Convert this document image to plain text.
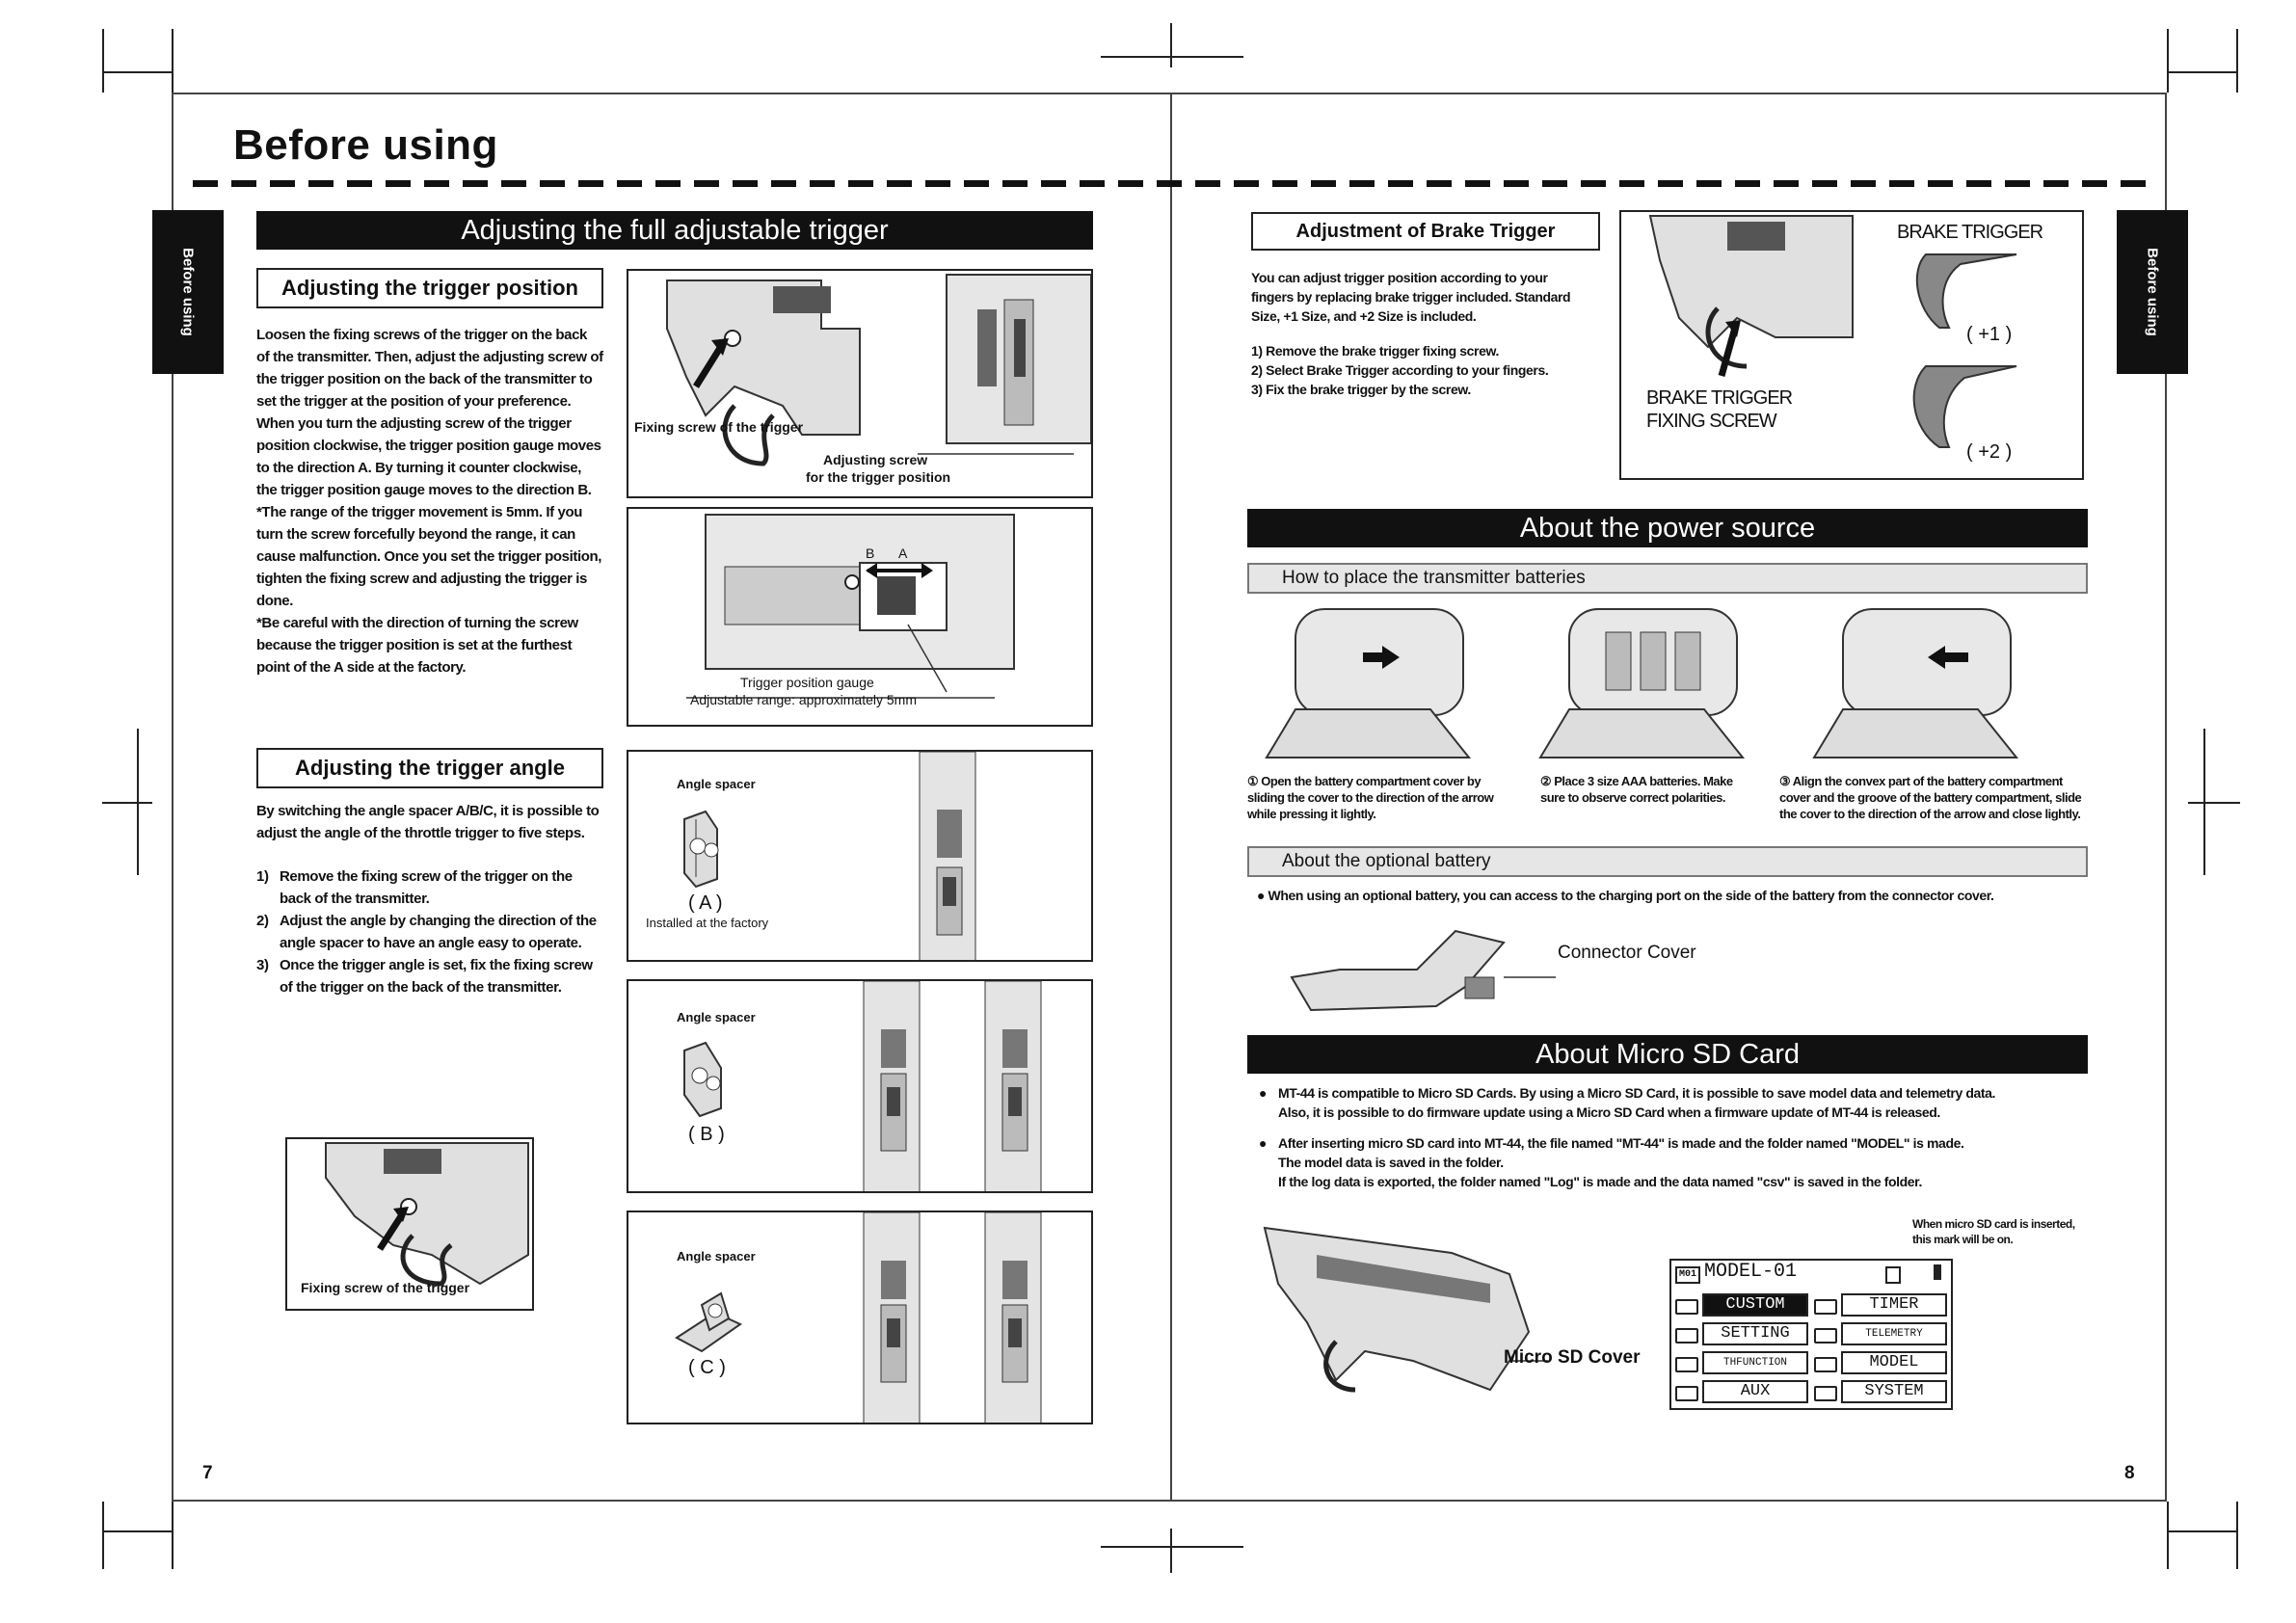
Before using
Before using	Before using
Adjusting the full adjustable trigger
Adjusting the trigger position

Loosen the fixing screws of the trigger on the back of the transmitter. Then, adjust the adjusting screw of the trigger position on the back of the transmitter to set the trigger at the position of your preference. When you turn the adjusting screw of the trigger position clockwise, the trigger position gauge moves to the direction A. By turning it counter clockwise, the trigger position gauge moves to the direction B.

*The range of the trigger movement is 5mm. If you turn the screw forcefully beyond the range, it can cause malfunction. Once you set the trigger position, tighten the fixing screw and adjusting the trigger is done.

*Be careful with the direction of turning the screw because the trigger position is set at the furthest point of the A side at the factory.

Fixing screw of the trigger
Adjusting screw
for the trigger position
B A
Trigger position gauge
Adjustable range: approximately 5mm
Adjusting the trigger angle

By switching the angle spacer A/B/C, it is possible to adjust the angle of the throttle trigger to five steps.

1) Remove the fixing screw of the trigger on the back of the transmitter.
2) Adjust the angle by changing the direction of the angle spacer to have an angle easy to operate.
3) Once the trigger angle is set, fix the fixing screw of the trigger on the back of the transmitter.
Fixing screw of the trigger
Angle spacer
( A )
Installed at the factory
Angle spacer
( B )
Angle spacer
( C )
7
Adjustment of Brake Trigger

You can adjust trigger position according to your fingers by replacing brake trigger included. Standard Size, +1 Size, and +2 Size is included.

1) Remove the brake trigger fixing screw.

2) Select Brake Trigger according to your fingers.

3) Fix the brake trigger by the screw.

BRAKE TRIGGER
( +1 )
( +2 )
BRAKE TRIGGER
FIXING SCREW
About the power source
How to place the transmitter batteries
① Open the battery compartment cover by sliding the cover to the direction of the arrow while pressing it lightly.
② Place 3 size AAA batteries. Make sure to observe correct polarities.
③ Align the convex part of the battery compartment cover and the groove of the battery compartment, slide the cover to the direction of the arrow and close lightly.
About the optional battery
● When using an optional battery, you can access to the charging port on the side of the battery from the connector cover.
Connector Cover
About Micro SD Card
● MT-44 is compatible to Micro SD Cards. By using a Micro SD Card, it is possible to save model data and telemetry data.
Also, it is possible to do firmware update using a Micro SD Card when a firmware update of MT-44 is released.
● After inserting micro SD card into MT-44, the file named "MT-44" is made and the folder named "MODEL" is made.
The model data is saved in the folder.
If the log data is exported, the folder named "Log" is made and the data named "csv" is saved in the folder.
When micro SD card is inserted,
this mark will be on.
Micro SD Cover
M01 MODEL-01
CUSTOM	TIMER
SETTING	TELEMETRY
THFUNCTION	MODEL
AUX	SYSTEM
8
